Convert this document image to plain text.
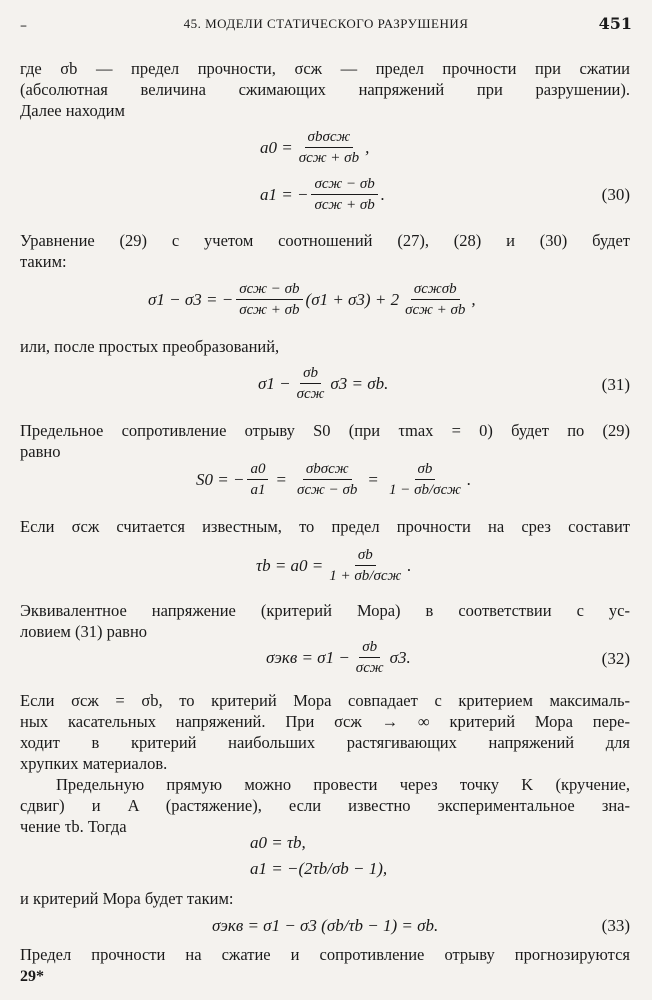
–	45. МОДЕЛИ СТАТИЧЕСКОГО РАЗРУШЕНИЯ	451
где σb — предел прочности, σсж — предел прочности при сжатии
(абсолютная величина сжимающих напряжений при разрушении).
Далее находим
$a0 = \frac{\text{σbσсж}}{\text{σсж + σb}}$ ,
a1 = − $\frac{\text{σсж − σb}}{\text{σсж + σb}}$ .	(30)
Уравнение (29) с учетом соотношений (27), (28) и (30) будет
таким:
σ1 − σ3 = − $\frac{\text{σсж − σb}}{\text{σсж + σb}} (\sigma 1 + \sigma 3) + 2 \frac{\text{σсжσb}}{\text{σсж + σb}}$ ,
или, после простых преобразований,
$\sigma 1 - \frac{\sigma b}{\text{σсж}} \sigma 3 = \sigma b$.	(31)
Предельное сопротивление отрыву S0 (при τmax = 0) будет по (29)
равно
S0 = − $\frac{a0}{a1} = \frac{\text{σbσсж}}{\text{σсж − σb}} = \frac{\sigma b}{\text{1 − σb/σсж}}$ .
Если σсж считается известным, то предел прочности на срез составит
$\tau b = a0 = \frac{\sigma b}{\text{1 + σb/σсж}}$ .
Эквивалентное напряжение (критерий Мора) в соответствии с ус-
ловием (31) равно
$\sigma экв = \sigma 1 - \frac{\sigma b}{\text{σсж}} \sigma 3$.	(32)
Если σсж = σb, то критерий Мора совпадает с критерием максималь-
ных касательных напряжений. При σсж → ∞ критерий Мора пере-
ходит в критерий наибольших растягивающих напряжений для
хрупких материалов.
Предельную прямую можно провести через точку K (кручение,
сдвиг) и A (растяжение), если известно экспериментальное зна-
чение τb. Тогда
a0 = τb,
a1 = −(2τb/σb − 1),
и критерий Мора будет таким:
σэкв = σ1 − σ3 (σb/τb − 1) = σb.	(33)
Предел прочности на сжатие и сопротивление отрыву прогнозируются
29*
